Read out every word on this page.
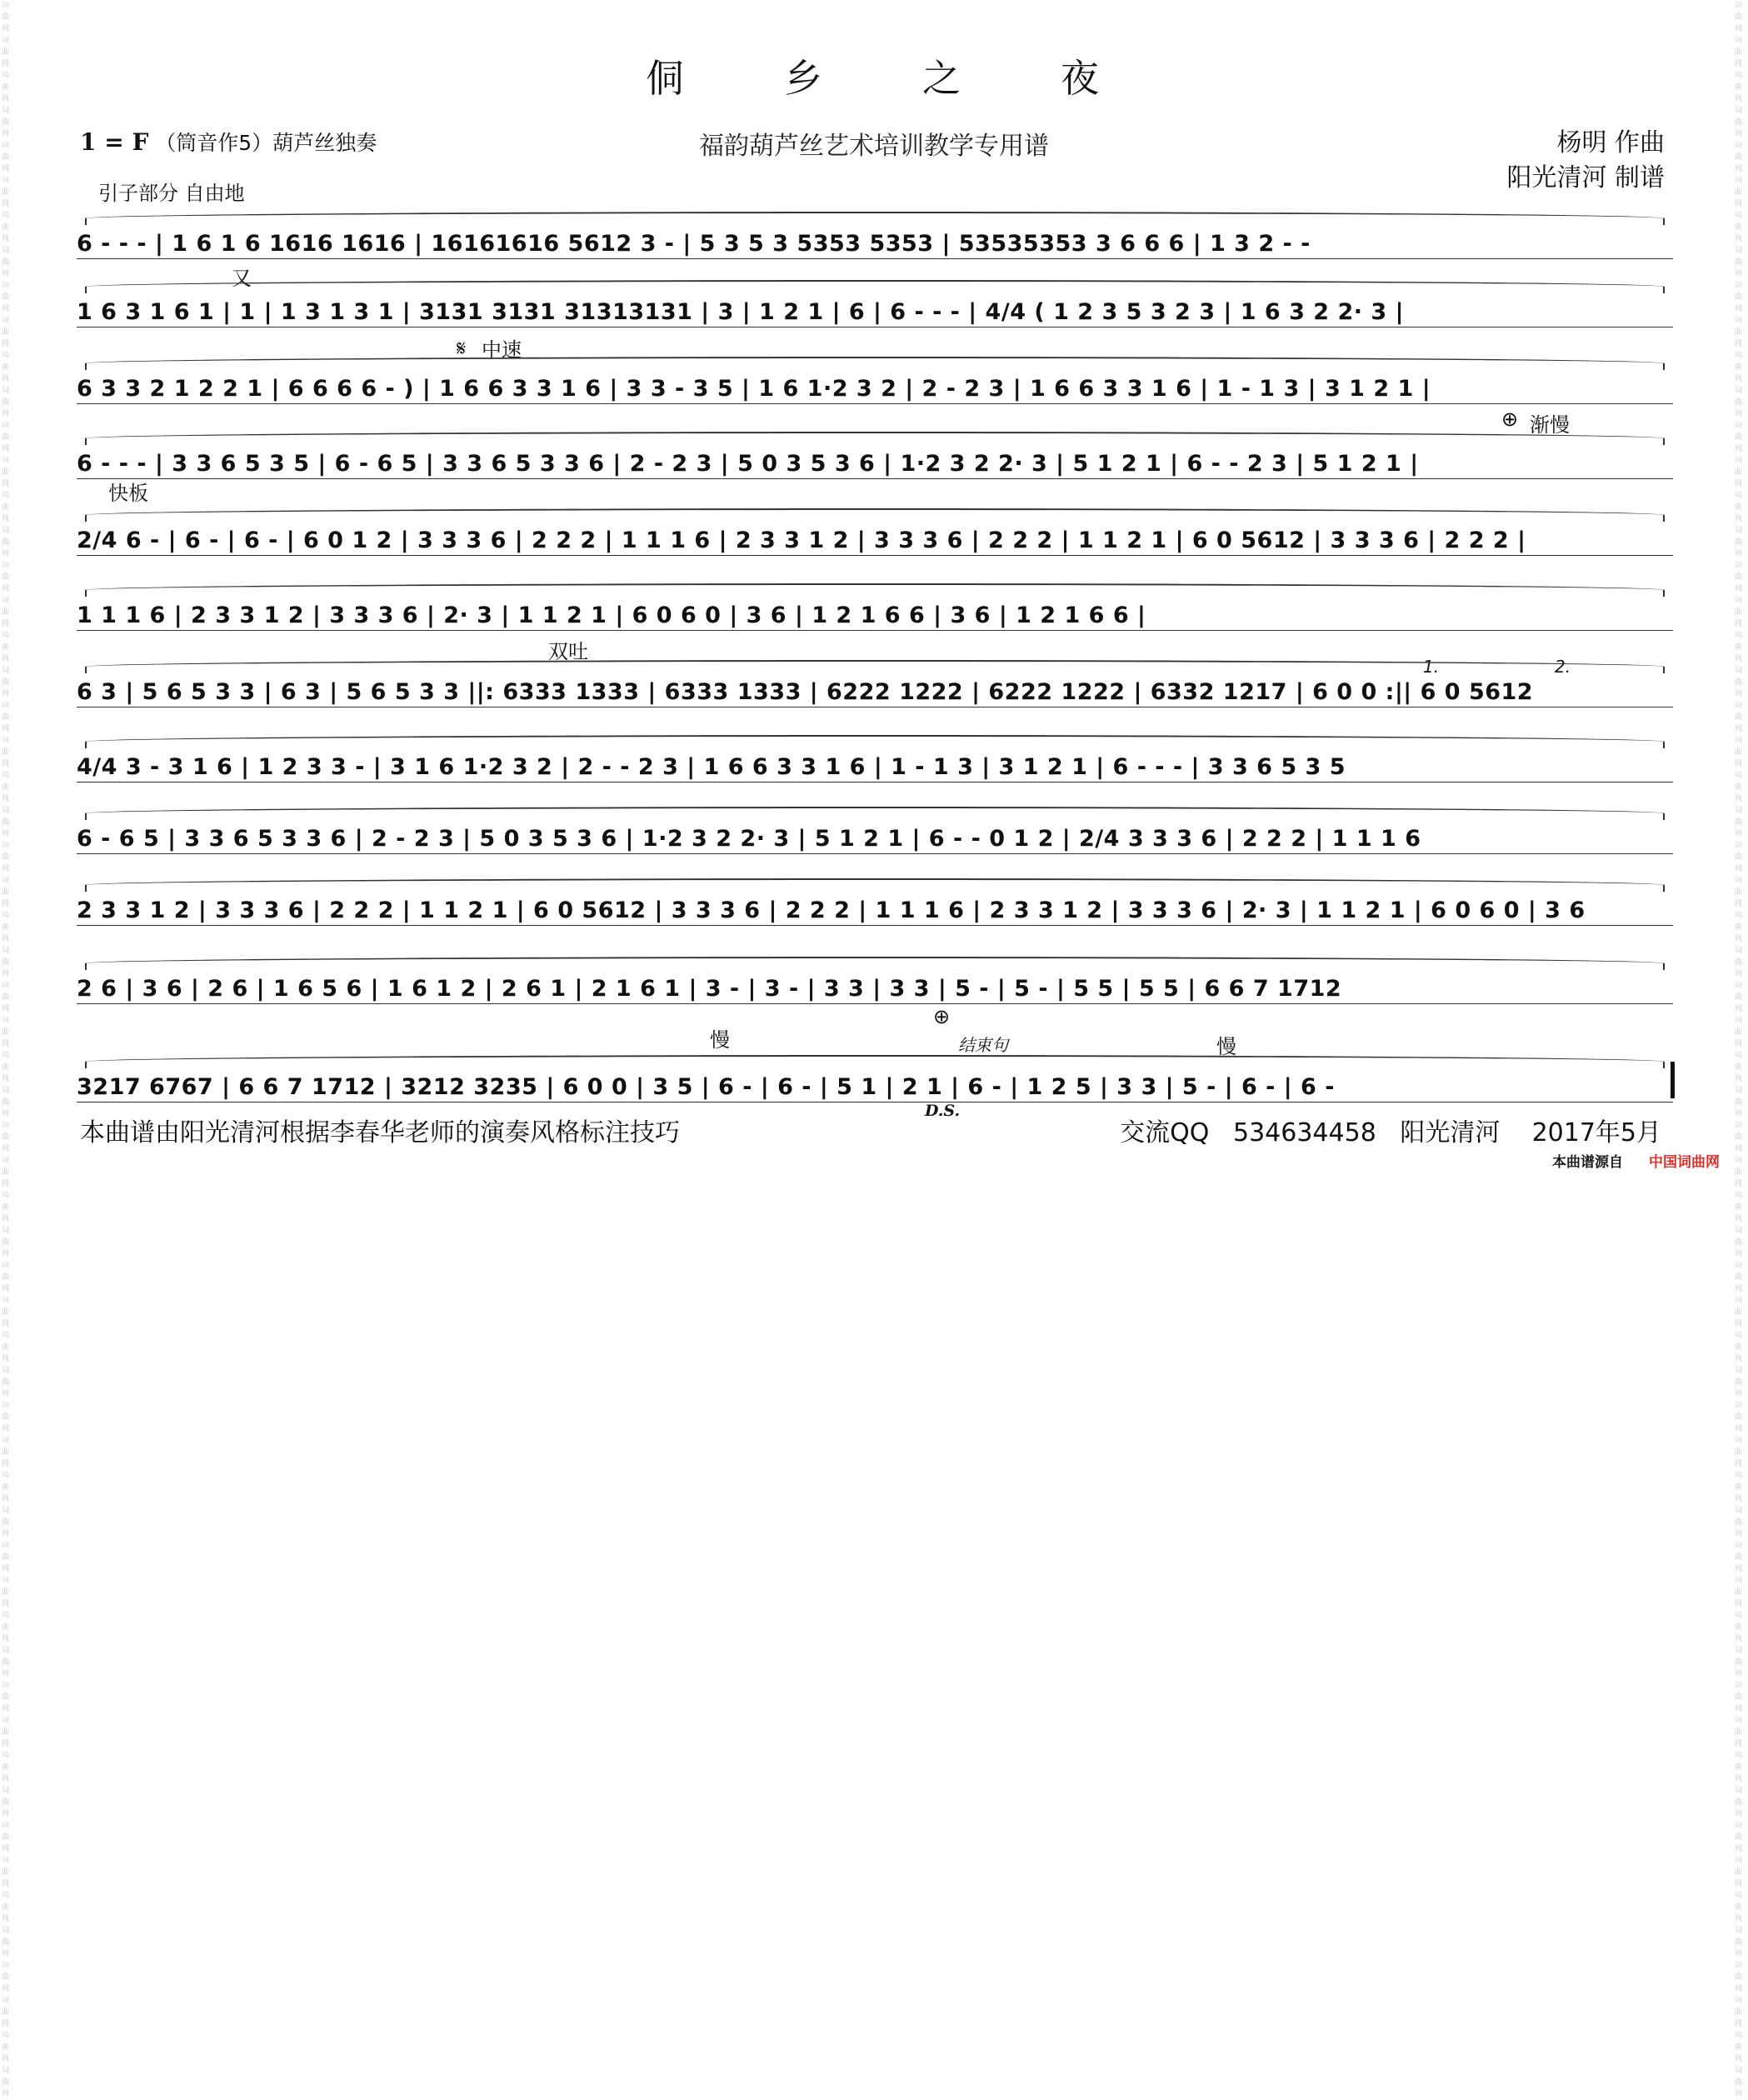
词曲网词曲网词曲网词曲网词曲网词曲网词曲网词曲网词曲网词曲网词曲网词曲网词曲网词曲网词曲网词曲网词曲网词曲网词曲网词曲网词曲网词曲网词曲网词曲网词曲网词曲网词曲网词曲网词曲网词曲网词曲网词曲网词曲网词曲网词曲网词曲网词曲网词曲网词曲网词曲网词曲网词曲网词曲网词曲网词曲网词曲网词曲网词曲网词曲网词曲网词曲网词曲网词曲网词曲网词曲网词曲网词曲网词曲网词曲网词曲网
词曲网词曲网词曲网词曲网词曲网词曲网词曲网词曲网词曲网词曲网词曲网词曲网词曲网词曲网词曲网词曲网词曲网词曲网词曲网词曲网词曲网词曲网词曲网词曲网词曲网词曲网词曲网词曲网词曲网词曲网词曲网词曲网词曲网词曲网词曲网词曲网词曲网词曲网词曲网词曲网词曲网词曲网词曲网词曲网词曲网词曲网词曲网词曲网词曲网词曲网词曲网词曲网词曲网词曲网词曲网词曲网词曲网词曲网词曲网词曲网
侗	乡	之	夜
福韵葫芦丝艺术培训教学专用谱
1 = F （筒音作5）葫芦丝独奏	杨明 作曲
阳光清河 制谱
引子部分 自由地
又
中速
𝄋
⊕ 渐慢
快板
双吐
1.	2.
慢
⊕
结束句	慢
D.S.
6 - - - | 1 6 1 6 1616 1616 | 16161616 5612 3 - | 5 3 5 3 5353 5353 | 53535353 3 6 6 6 | 1 3 2 - -
1 6 3 1 6 1 | 1 | 1 3 1 3 1 | 3131 3131 31313131 | 3 | 1 2 1 | 6 | 6 - - - | 4/4 ( 1 2 3 5 3 2 3 | 1 6 3 2 2· 3 |
6 3 3 2 1 2 2 1 | 6 6 6 6 - ) | 1 6 6 3 3 1 6 | 3 3 - 3 5 | 1 6 1·2 3 2 | 2 - 2 3 | 1 6 6 3 3 1 6 | 1 - 1 3 | 3 1 2 1 |
6 - - - | 3 3 6 5 3 5 | 6 - 6 5 | 3 3 6 5 3 3 6 | 2 - 2 3 | 5 0 3 5 3 6 | 1·2 3 2 2· 3 | 5 1 2 1 | 6 - - 2 3 | 5 1 2 1 |
2/4 6 - | 6 - | 6 - | 6 0 1 2 | 3 3 3 6 | 2 2 2 | 1 1 1 6 | 2 3 3 1 2 | 3 3 3 6 | 2 2 2 | 1 1 2 1 | 6 0 5612 | 3 3 3 6 | 2 2 2 |
1 1 1 6 | 2 3 3 1 2 | 3 3 3 6 | 2· 3 | 1 1 2 1 | 6 0 6 0 | 3 6 | 1 2 1 6 6 | 3 6 | 1 2 1 6 6 |
6 3 | 5 6 5 3 3 | 6 3 | 5 6 5 3 3 ||: 6333 1333 | 6333 1333 | 6222 1222 | 6222 1222 | 6332 1217 | 6 0 0 :|| 6 0 5612
4/4 3 - 3 1 6 | 1 2 3 3 - | 3 1 6 1·2 3 2 | 2 - - 2 3 | 1 6 6 3 3 1 6 | 1 - 1 3 | 3 1 2 1 | 6 - - - | 3 3 6 5 3 5
6 - 6 5 | 3 3 6 5 3 3 6 | 2 - 2 3 | 5 0 3 5 3 6 | 1·2 3 2 2· 3 | 5 1 2 1 | 6 - - 0 1 2 | 2/4 3 3 3 6 | 2 2 2 | 1 1 1 6
2 3 3 1 2 | 3 3 3 6 | 2 2 2 | 1 1 2 1 | 6 0 5612 | 3 3 3 6 | 2 2 2 | 1 1 1 6 | 2 3 3 1 2 | 3 3 3 6 | 2· 3 | 1 1 2 1 | 6 0 6 0 | 3 6
2 6 | 3 6 | 2 6 | 1 6 5 6 | 1 6 1 2 | 2 6 1 | 2 1 6 1 | 3 - | 3 - | 3 3 | 3 3 | 5 - | 5 - | 5 5 | 5 5 | 6 6 7 1712
3217 6767 | 6 6 7 1712 | 3212 3235 | 6 0 0 | 3 5 | 6 - | 6 - | 5 1 | 2 1 | 6 - | 1 2 5 | 3 3 | 5 - | 6 - | 6 -
本曲谱由阳光清河根据李春华老师的演奏风格标注技巧	交流QQ 534634458 阳光清河 2017年5月
本曲谱源自 中国词曲网
